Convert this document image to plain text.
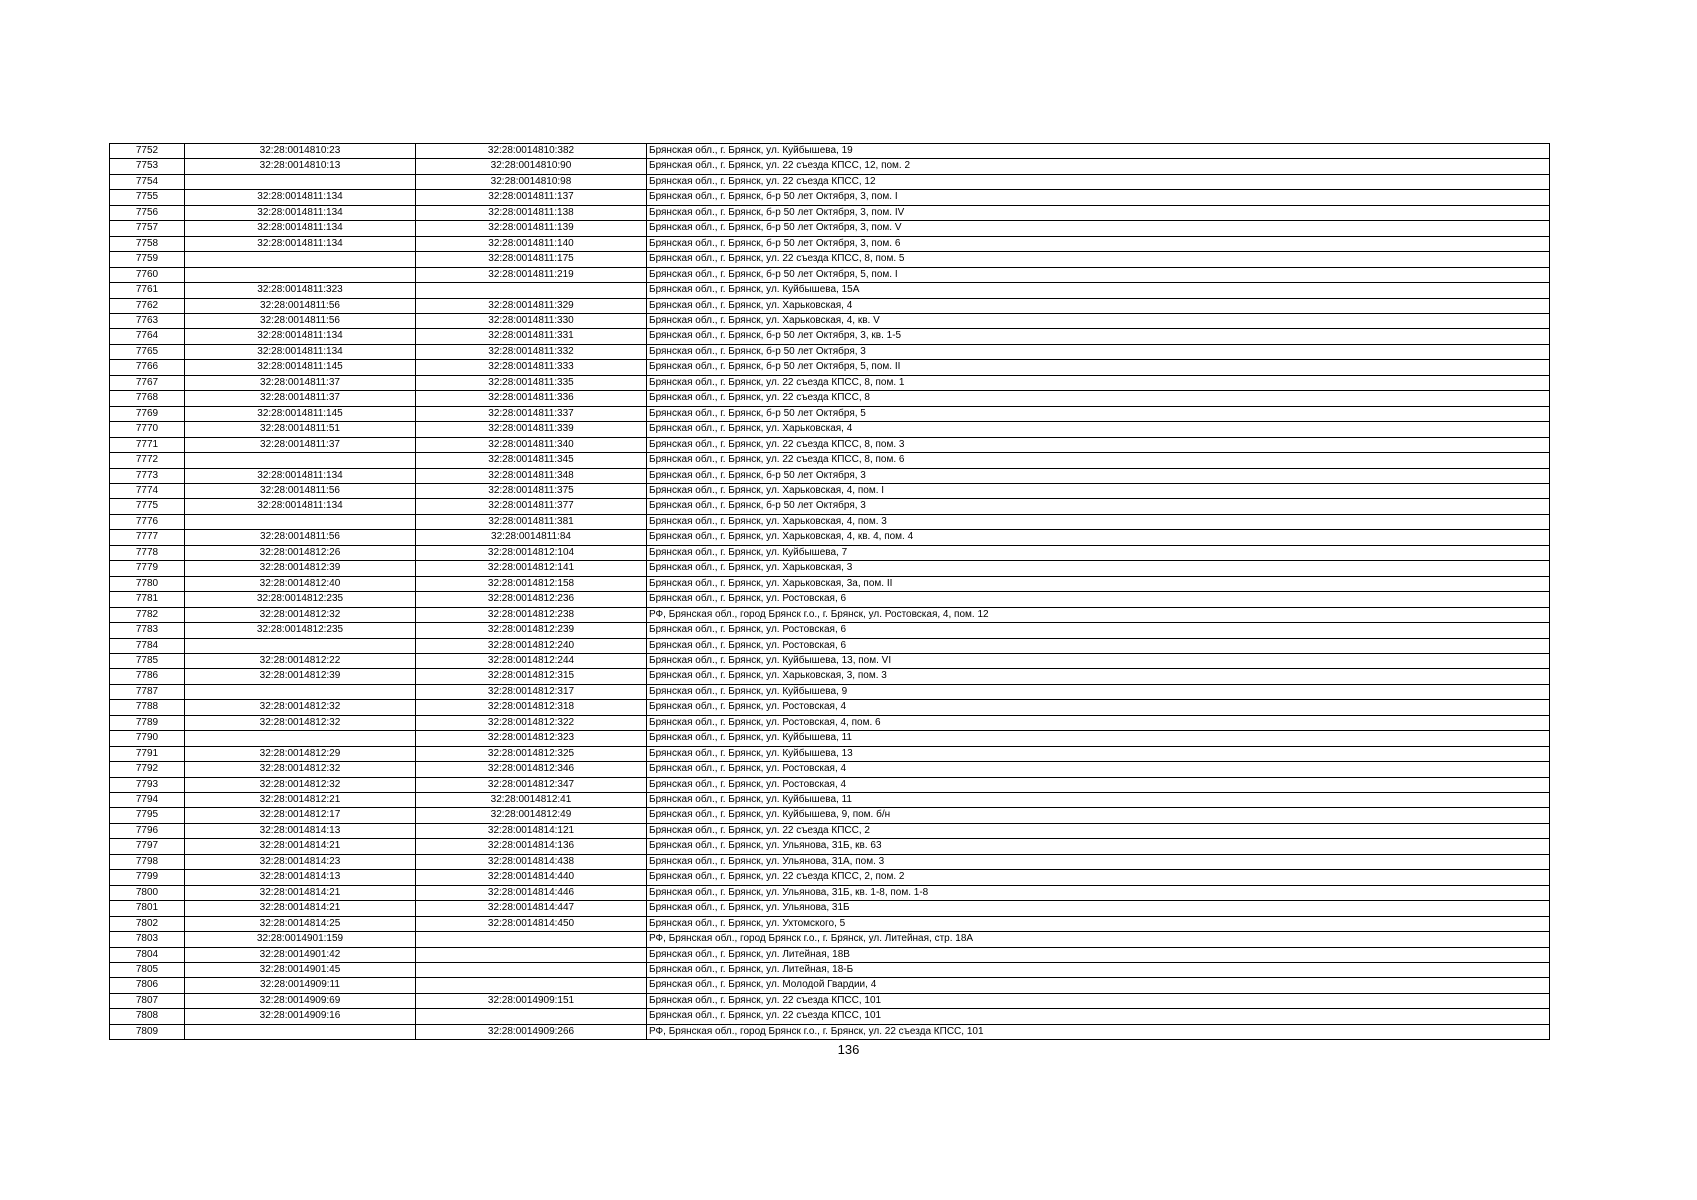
7752	32:28:0014810:23	32:28:0014810:382	Брянская обл., г. Брянск, ул. Куйбышева, 19
7753	32:28:0014810:13	32:28:0014810:90	Брянская обл., г. Брянск, ул. 22 съезда КПСС, 12, пом. 2
7754		32:28:0014810:98	Брянская обл., г. Брянск, ул. 22 съезда КПСС, 12
7755	32:28:0014811:134	32:28:0014811:137	Брянская обл., г. Брянск, б-р 50 лет Октября, 3, пом. I
7756	32:28:0014811:134	32:28:0014811:138	Брянская обл., г. Брянск, б-р 50 лет Октября, 3, пом. IV
7757	32:28:0014811:134	32:28:0014811:139	Брянская обл., г. Брянск, б-р 50 лет Октября, 3, пом. V
7758	32:28:0014811:134	32:28:0014811:140	Брянская обл., г. Брянск, б-р 50 лет Октября, 3, пом. 6
7759		32:28:0014811:175	Брянская обл., г. Брянск, ул. 22 съезда КПСС, 8, пом. 5
7760		32:28:0014811:219	Брянская обл., г. Брянск, б-р 50 лет Октября, 5, пом. I
7761	32:28:0014811:323		Брянская обл., г. Брянск, ул. Куйбышева, 15А
7762	32:28:0014811:56	32:28:0014811:329	Брянская обл., г. Брянск, ул. Харьковская, 4
7763	32:28:0014811:56	32:28:0014811:330	Брянская обл., г. Брянск, ул. Харьковская, 4, кв. V
7764	32:28:0014811:134	32:28:0014811:331	Брянская обл., г. Брянск, б-р 50 лет Октября, 3, кв. 1-5
7765	32:28:0014811:134	32:28:0014811:332	Брянская обл., г. Брянск, б-р 50 лет Октября, 3
7766	32:28:0014811:145	32:28:0014811:333	Брянская обл., г. Брянск, б-р 50 лет Октября, 5, пом. II
7767	32:28:0014811:37	32:28:0014811:335	Брянская обл., г. Брянск, ул. 22 съезда КПСС, 8, пом. 1
7768	32:28:0014811:37	32:28:0014811:336	Брянская обл., г. Брянск, ул. 22 съезда КПСС, 8
7769	32:28:0014811:145	32:28:0014811:337	Брянская обл., г. Брянск, б-р 50 лет Октября, 5
7770	32:28:0014811:51	32:28:0014811:339	Брянская обл., г. Брянск, ул. Харьковская, 4
7771	32:28:0014811:37	32:28:0014811:340	Брянская обл., г. Брянск, ул. 22 съезда КПСС, 8, пом. 3
7772		32:28:0014811:345	Брянская обл., г. Брянск, ул. 22 съезда КПСС, 8, пом. 6
7773	32:28:0014811:134	32:28:0014811:348	Брянская обл., г. Брянск, б-р 50 лет Октября, 3
7774	32:28:0014811:56	32:28:0014811:375	Брянская обл., г. Брянск, ул. Харьковская, 4, пом. I
7775	32:28:0014811:134	32:28:0014811:377	Брянская обл., г. Брянск, б-р 50 лет Октября, 3
7776		32:28:0014811:381	Брянская обл., г. Брянск, ул. Харьковская, 4, пом. 3
7777	32:28:0014811:56	32:28:0014811:84	Брянская обл., г. Брянск, ул. Харьковская, 4, кв. 4, пом. 4
7778	32:28:0014812:26	32:28:0014812:104	Брянская обл., г. Брянск, ул. Куйбышева, 7
7779	32:28:0014812:39	32:28:0014812:141	Брянская обл., г. Брянск, ул. Харьковская, 3
7780	32:28:0014812:40	32:28:0014812:158	Брянская обл., г. Брянск, ул. Харьковская, 3а, пом. II
7781	32:28:0014812:235	32:28:0014812:236	Брянская обл., г. Брянск, ул. Ростовская, 6
7782	32:28:0014812:32	32:28:0014812:238	РФ, Брянская обл., город Брянск г.о., г. Брянск, ул. Ростовская, 4, пом. 12
7783	32:28:0014812:235	32:28:0014812:239	Брянская обл., г. Брянск, ул. Ростовская, 6
7784		32:28:0014812:240	Брянская обл., г. Брянск, ул. Ростовская, 6
7785	32:28:0014812:22	32:28:0014812:244	Брянская обл., г. Брянск, ул. Куйбышева, 13, пом. VI
7786	32:28:0014812:39	32:28:0014812:315	Брянская обл., г. Брянск, ул. Харьковская, 3, пом. 3
7787		32:28:0014812:317	Брянская обл., г. Брянск, ул. Куйбышева, 9
7788	32:28:0014812:32	32:28:0014812:318	Брянская обл., г. Брянск, ул. Ростовская, 4
7789	32:28:0014812:32	32:28:0014812:322	Брянская обл., г. Брянск, ул. Ростовская, 4, пом. 6
7790		32:28:0014812:323	Брянская обл., г. Брянск, ул. Куйбышева, 11
7791	32:28:0014812:29	32:28:0014812:325	Брянская обл., г. Брянск, ул. Куйбышева, 13
7792	32:28:0014812:32	32:28:0014812:346	Брянская обл., г. Брянск, ул. Ростовская, 4
7793	32:28:0014812:32	32:28:0014812:347	Брянская обл., г. Брянск, ул. Ростовская, 4
7794	32:28:0014812:21	32:28:0014812:41	Брянская обл., г. Брянск, ул. Куйбышева, 11
7795	32:28:0014812:17	32:28:0014812:49	Брянская обл., г. Брянск, ул. Куйбышева, 9, пом. б/н
7796	32:28:0014814:13	32:28:0014814:121	Брянская обл., г. Брянск, ул. 22 съезда КПСС, 2
7797	32:28:0014814:21	32:28:0014814:136	Брянская обл., г. Брянск, ул. Ульянова, 31Б, кв. 63
7798	32:28:0014814:23	32:28:0014814:438	Брянская обл., г. Брянск, ул. Ульянова, 31А, пом. 3
7799	32:28:0014814:13	32:28:0014814:440	Брянская обл., г. Брянск, ул. 22 съезда КПСС, 2, пом. 2
7800	32:28:0014814:21	32:28:0014814:446	Брянская обл., г. Брянск, ул. Ульянова, 31Б, кв. 1-8, пом. 1-8
7801	32:28:0014814:21	32:28:0014814:447	Брянская обл., г. Брянск, ул. Ульянова, 31Б
7802	32:28:0014814:25	32:28:0014814:450	Брянская обл., г. Брянск, ул. Ухтомского, 5
7803	32:28:0014901:159		РФ, Брянская обл., город Брянск г.о., г. Брянск, ул. Литейная, стр. 18А
7804	32:28:0014901:42		Брянская обл., г. Брянск, ул. Литейная, 18В
7805	32:28:0014901:45		Брянская обл., г. Брянск, ул. Литейная, 18-Б
7806	32:28:0014909:11		Брянская обл., г. Брянск, ул. Молодой Гвардии, 4
7807	32:28:0014909:69	32:28:0014909:151	Брянская обл., г. Брянск, ул. 22 съезда КПСС, 101
7808	32:28:0014909:16		Брянская обл., г. Брянск, ул. 22 съезда КПСС, 101
7809		32:28:0014909:266	РФ, Брянская обл., город Брянск г.о., г. Брянск, ул. 22 съезда КПСС, 101
136
